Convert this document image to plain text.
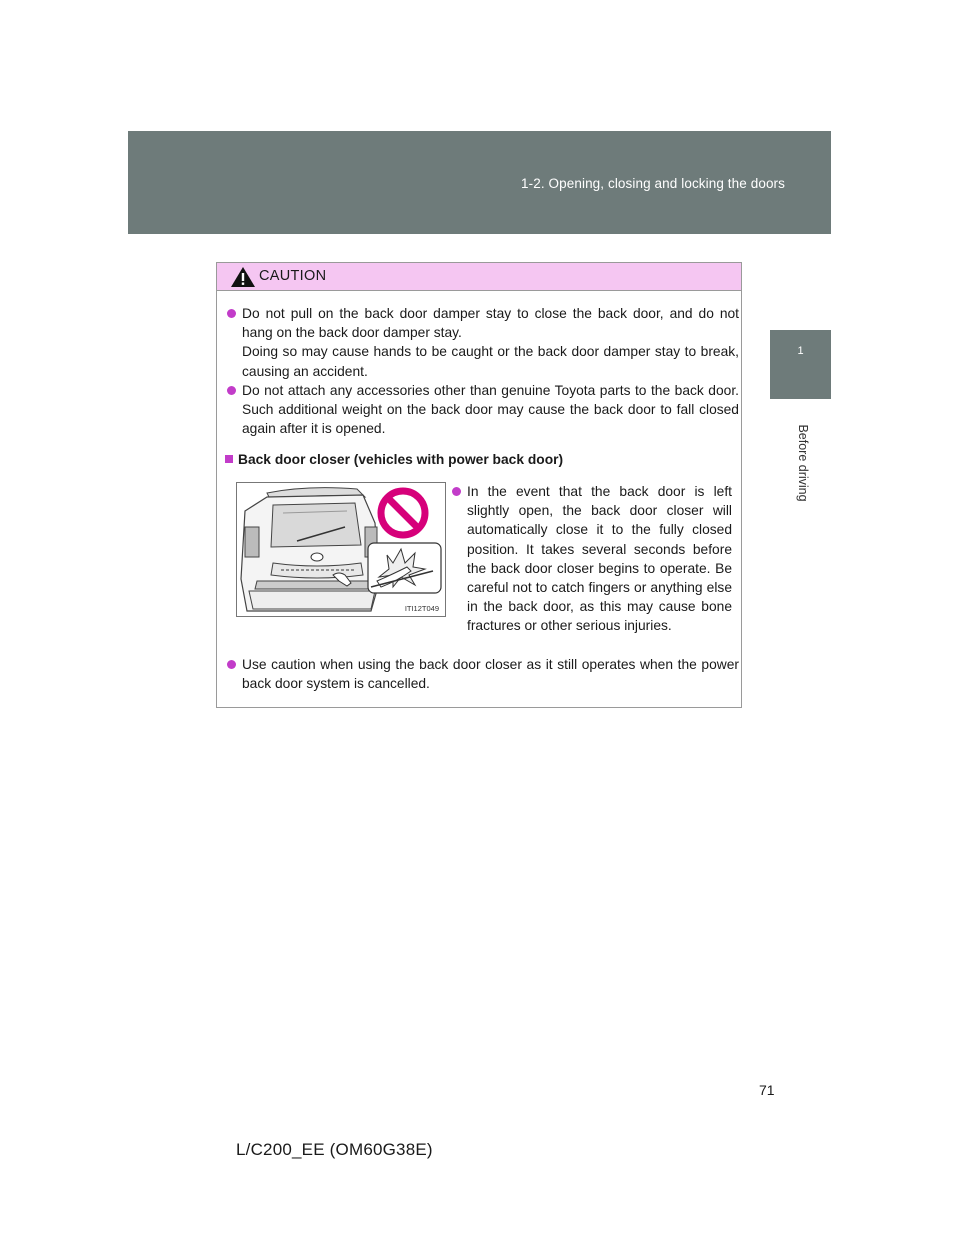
1-2. Opening, closing and locking the doors
1
Before driving
CAUTION
Do not pull on the back door damper stay to close the back door, and do not hang on the back door damper stay.
Doing so may cause hands to be caught or the back door damper stay to break, causing an accident.
Do not attach any accessories other than genuine Toyota parts to the back door. Such additional weight on the back door may cause the back door to fall closed again after it is opened.
Back door closer (vehicles with power back door)
ITI12T049
In the event that the back door is left slightly open, the back door closer will automatically close it to the fully closed position. It takes several seconds before the back door closer begins to operate. Be careful not to catch fingers or anything else in the back door, as this may cause bone fractures or other serious injuries.
Use caution when using the back door closer as it still operates when the power back door system is cancelled.
71
L/C200_EE (OM60G38E)
